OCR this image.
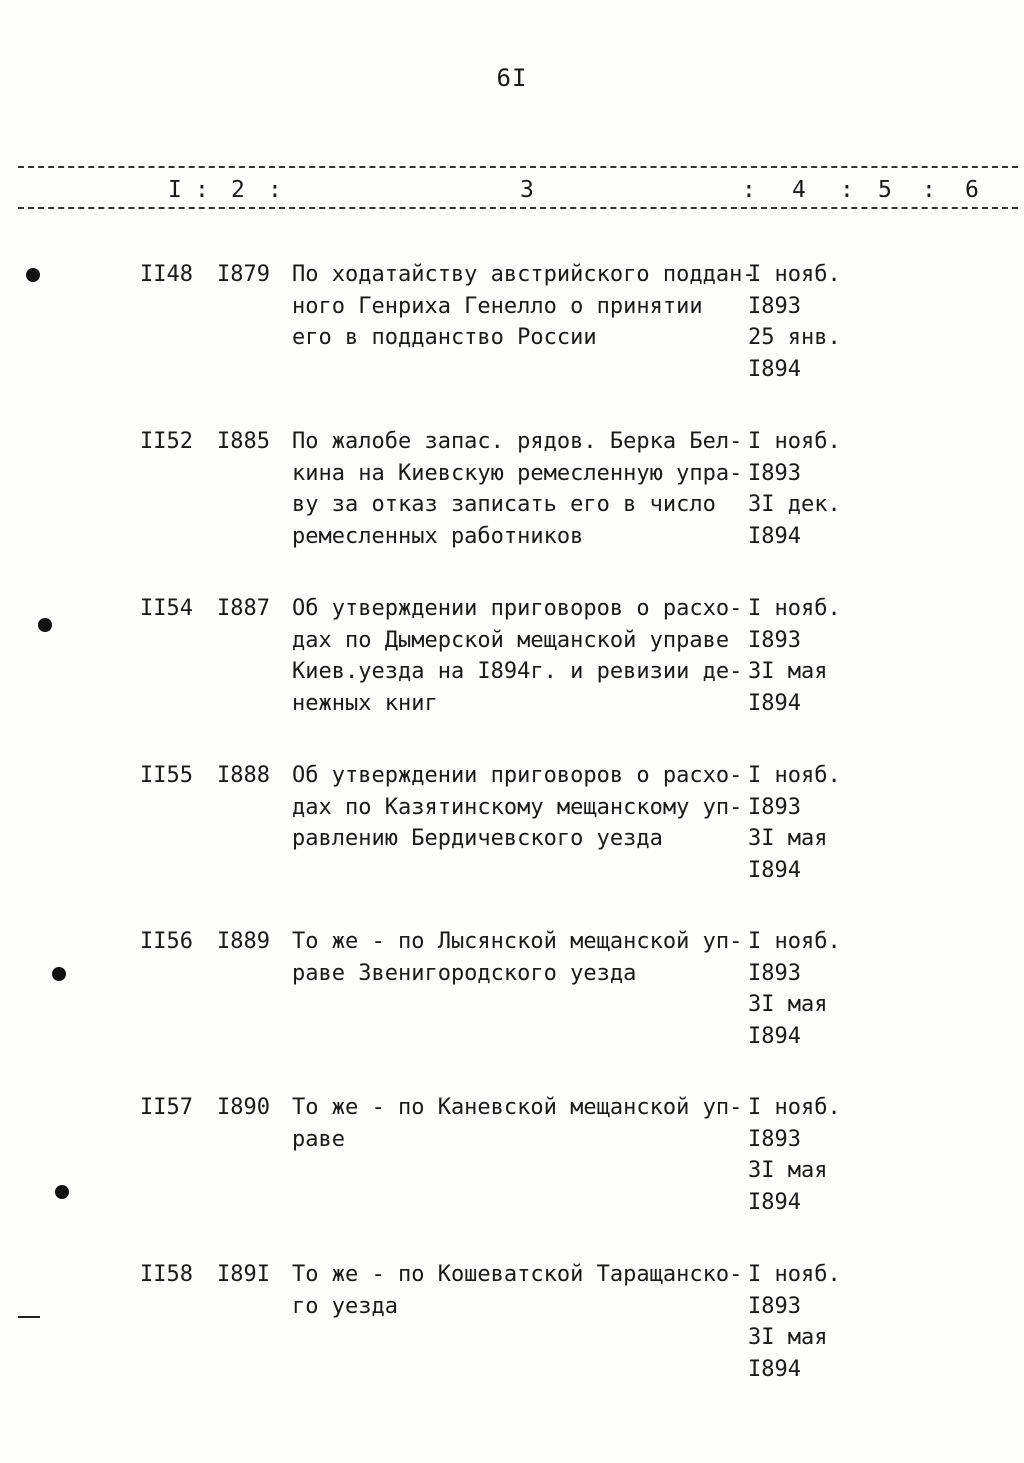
6I
I : 2 :	3	: 4 : 5 : 6
II48 I879 По ходатайству австрийского поддан-
ного Генриха Генелло о принятии
его в подданство России
I нояб.
I893
25 янв.
I894
II52 I885 По жалобе запас. рядов. Берка Бел-
кина на Киевскую ремесленную упра-
ву за отказ записать его в число
ремесленных работников
I нояб.
I893
3I дек.
I894
II54 I887 Об утверждении приговоров о расхо-
дах по Дымерской мещанской управе
Киев.уезда на I894г. и ревизии де-
нежных книг
I нояб.
I893
3I мая
I894
II55 I888 Об утверждении приговоров о расхо-
дах по Казятинскому мещанскому уп-
равлению Бердичевского уезда
I нояб.
I893
3I мая
I894
II56 I889 То же - по Лысянской мещанской уп-
раве Звенигородского уезда
I нояб.
I893
3I мая
I894
II57 I890 То же - по Каневской мещанской уп-
раве
I нояб.
I893
3I мая
I894
II58 I89I То же - по Кошеватской Таращанско-
го уезда
I нояб.
I893
3I мая
I894
